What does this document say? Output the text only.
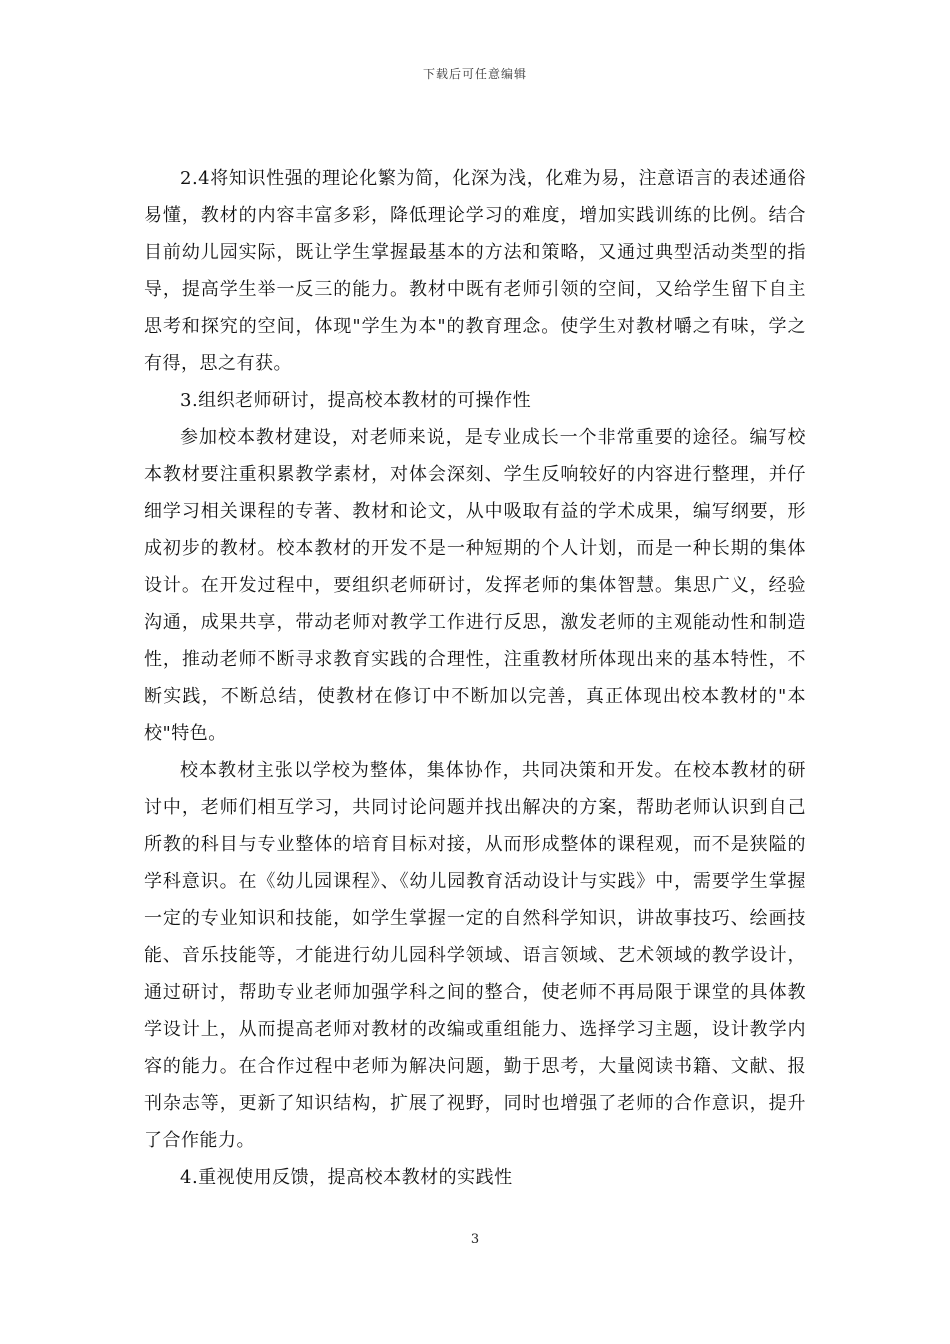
下载后可任意编辑

2.4将知识性强的理论化繁为简，化深为浅，化难为易，注意语言的表述通俗易懂，教材的内容丰富多彩，降低理论学习的难度，增加实践训练的比例。结合目前幼儿园实际，既让学生掌握最基本的方法和策略，又通过典型活动类型的指导，提高学生举一反三的能力。教材中既有老师引领的空间，又给学生留下自主思考和探究的空间，体现"学生为本"的教育理念。使学生对教材嚼之有味，学之有得，思之有获。

3.组织老师研讨，提高校本教材的可操作性

参加校本教材建设，对老师来说，是专业成长一个非常重要的途径。编写校本教材要注重积累教学素材，对体会深刻、学生反响较好的内容进行整理，并仔细学习相关课程的专著、教材和论文，从中吸取有益的学术成果，编写纲要，形成初步的教材。校本教材的开发不是一种短期的个人计划，而是一种长期的集体设计。在开发过程中，要组织老师研讨，发挥老师的集体智慧。集思广义，经验沟通，成果共享，带动老师对教学工作进行反思，激发老师的主观能动性和制造性，推动老师不断寻求教育实践的合理性，注重教材所体现出来的基本特性，不断实践，不断总结，使教材在修订中不断加以完善，真正体现出校本教材的"本校"特色。

校本教材主张以学校为整体，集体协作，共同决策和开发。在校本教材的研讨中，老师们相互学习，共同讨论问题并找出解决的方案，帮助老师认识到自己所教的科目与专业整体的培育目标对接，从而形成整体的课程观，而不是狭隘的学科意识。在《幼儿园课程》、《幼儿园教育活动设计与实践》中，需要学生掌握一定的专业知识和技能，如学生掌握一定的自然科学知识，讲故事技巧、绘画技能、音乐技能等，才能进行幼儿园科学领域、语言领域、艺术领域的教学设计，通过研讨，帮助专业老师加强学科之间的整合，使老师不再局限于课堂的具体教学设计上，从而提高老师对教材的改编或重组能力、选择学习主题，设计教学内容的能力。在合作过程中老师为解决问题，勤于思考，大量阅读书籍、文献、报刊杂志等，更新了知识结构，扩展了视野，同时也增强了老师的合作意识，提升了合作能力。

4.重视使用反馈，提高校本教材的实践性

3
